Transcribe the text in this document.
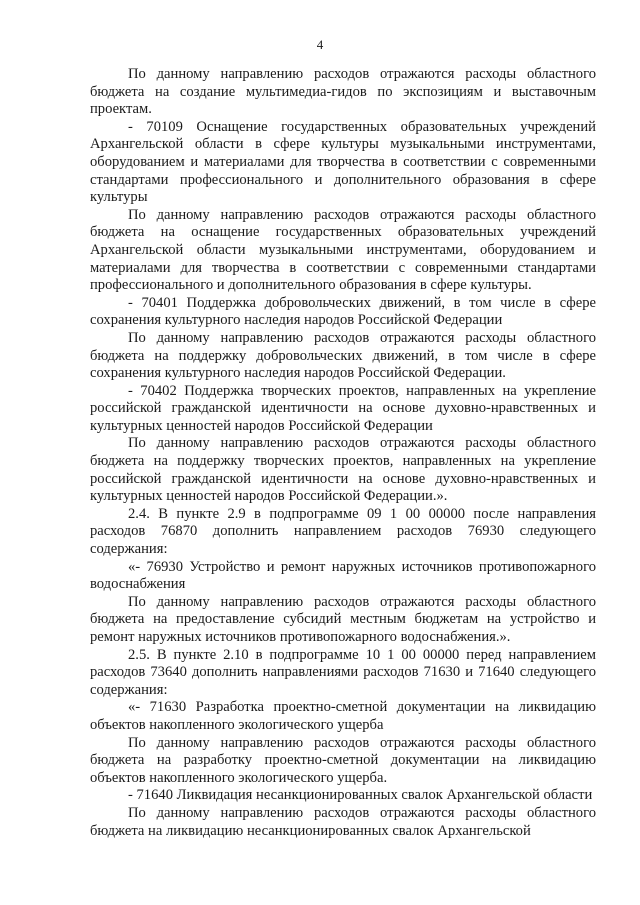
4

По данному направлению расходов отражаются расходы областного бюджета на создание мультимедиа-гидов по экспозициям и выставочным проектам.

- 70109 Оснащение государственных образовательных учреждений Архангельской области в сфере культуры музыкальными инструментами, оборудованием и материалами для творчества в соответствии с современными стандартами профессионального и дополнительного образования в сфере культуры

По данному направлению расходов отражаются расходы областного бюджета на оснащение государственных образовательных учреждений Архангельской области музыкальными инструментами, оборудованием и материалами для творчества в соответствии с современными стандартами профессионального и дополнительного образования в сфере культуры.

- 70401 Поддержка добровольческих движений, в том числе в сфере сохранения культурного наследия народов Российской Федерации

По данному направлению расходов отражаются расходы областного бюджета на поддержку добровольческих движений, в том числе в сфере сохранения культурного наследия народов Российской Федерации.

- 70402 Поддержка творческих проектов, направленных на укрепление российской гражданской идентичности на основе духовно-нравственных и культурных ценностей народов Российской Федерации

По данному направлению расходов отражаются расходы областного бюджета на поддержку творческих проектов, направленных на укрепление российской гражданской идентичности на основе духовно-нравственных и культурных ценностей народов Российской Федерации.».

2.4. В пункте 2.9 в подпрограмме 09 1 00 00000 после направления расходов 76870 дополнить направлением расходов 76930 следующего содержания:

«- 76930 Устройство и ремонт наружных источников противопожарного водоснабжения

По данному направлению расходов отражаются расходы областного бюджета на предоставление субсидий местным бюджетам на устройство и ремонт наружных источников противопожарного водоснабжения.».

2.5. В пункте 2.10 в подпрограмме 10 1 00 00000 перед направлением расходов 73640 дополнить направлениями расходов 71630 и 71640 следующего содержания:

«- 71630 Разработка проектно-сметной документации на ликвидацию объектов накопленного экологического ущерба

По данному направлению расходов отражаются расходы областного бюджета на разработку проектно-сметной документации на ликвидацию объектов накопленного экологического ущерба.

- 71640 Ликвидация несанкционированных свалок Архангельской области

По данному направлению расходов отражаются расходы областного бюджета на ликвидацию несанкционированных свалок Архангельской
